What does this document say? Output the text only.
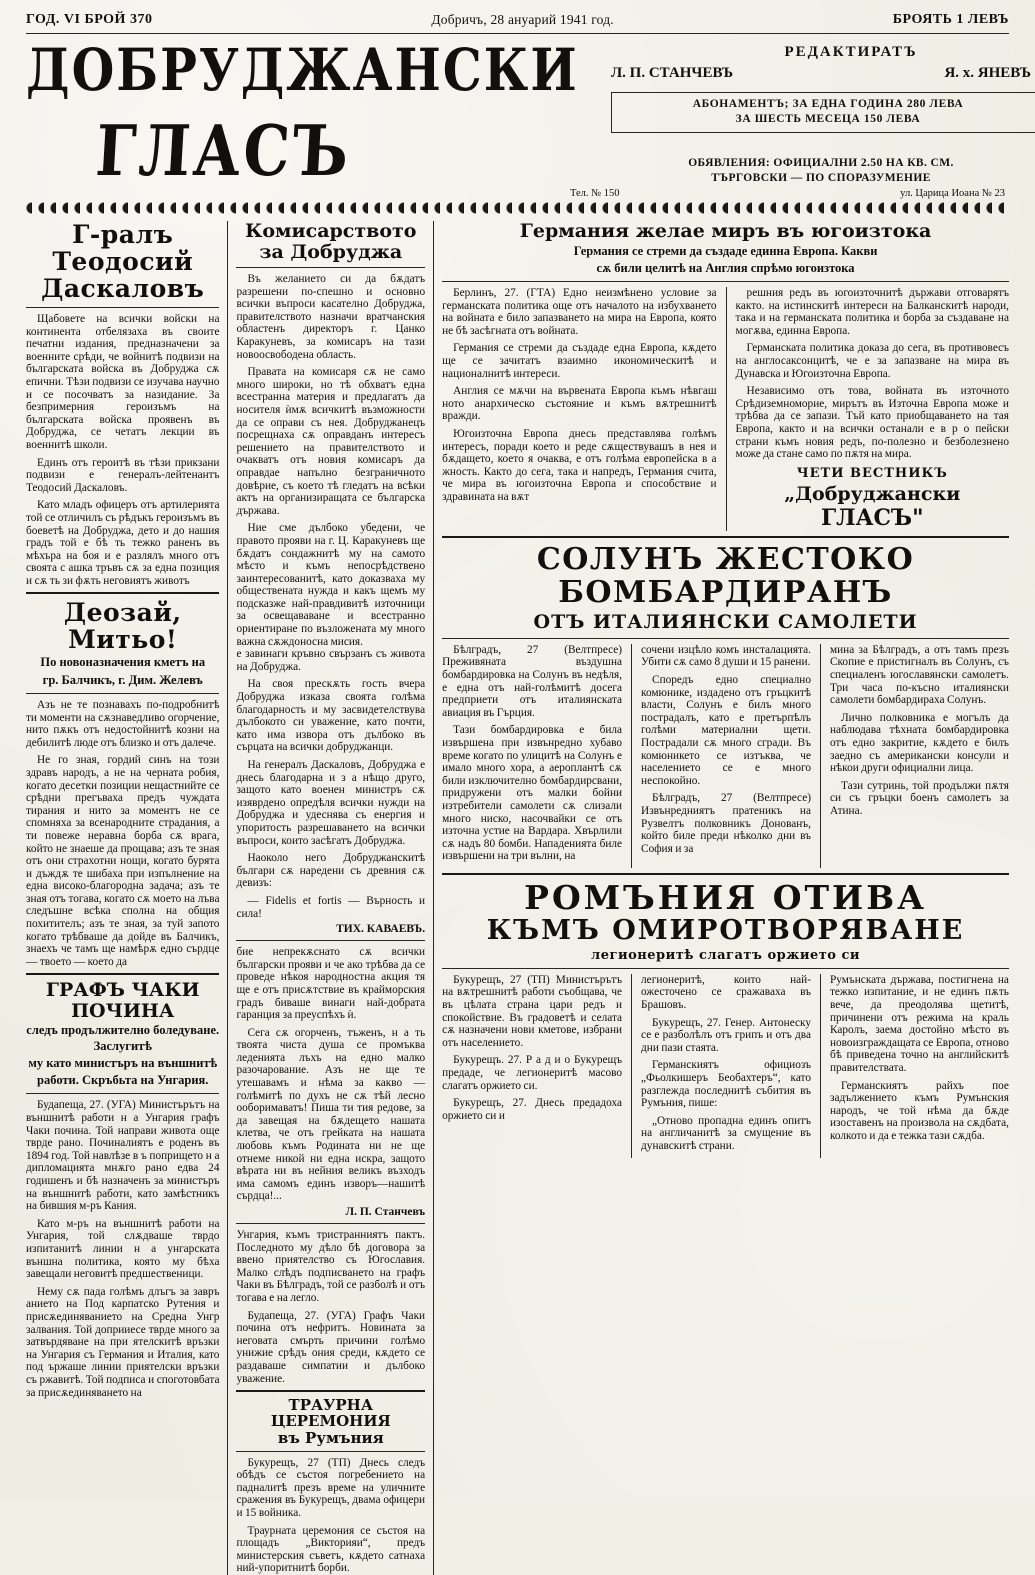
ГОД. VI БРОЙ 370	Добричъ, 28 ануарий 1941 год.	БРОЯТЬ 1 ЛЕВЪ
ДОБРУДЖАНСКИ
ГЛАСЪ
РЕДАКТИРАТЪ
Л. П. СТАНЧЕВЪ	Я. х. ЯНЕВЪ
АБОНАМЕНТЪ; ЗА ЕДНА ГОДИНА 280 ЛЕВА
ЗА ШЕСТЬ МЕСЕЦА 150 ЛЕВА
ОБЯВЛЕНИЯ: ОФИЦИАЛНИ 2.50 НА КВ. СМ.
ТЪРГОВСКИ — ПО СПОРАЗУМЕНИЕ
Тел. № 150	ул. Царица Иоана № 23
Г-ралъ Теодосий Даскаловъ

Щабовете на всички войски на континента отбелязаха въ своите печатни издания, предназначени за военните срѣди, че войнитѣ подвизи на българската войска въ Добруджа сѫ епични. Тѣзи подвизи се изучава научно и се посочватъ за назидание. За безпримерния героизъмъ на българската войска проявенъ въ Добруджа, се четатъ лекции въ военнитѣ школи.

Единъ отъ героитѣ въ тѣзи прикзани подвизи е генералъ-лейтенантъ Теодосий Даскаловъ.

Като младъ офицеръ отъ артилерията той се отличилъ съ рѣдъкъ героизъмъ въ боеветѣ на Добруджа, дето и до нашия градъ той е бѣ ть тежко раненъ въ мѣхъра на боя и е разлялъ много отъ своята с ашка тръвъ сѫ за една позиция и сѫ ть зи фѫть неговиятъ животъ

Деозай, Митьо!
По новоназначения кметъ на
гр. Балчикъ, г. Дим. Желевъ

Азъ не те познавахъ по-подробнитѣ ти моменти на сѫзнаведливо огорчение, нито пѫкъ отъ недостойнитѣ козни на дебилитѣ люде отъ близко и отъ далече.

Не го зная, гордий синъ на този здравъ народъ, а не на черната робия, когато десетки позиции нещастнийте се срѣдни прегъваха предъ чуждата тирания и нито за моментъ не се спомняха за всенародните страдания, а ти повеже неравна борба сѫ врага, който не знаеше да прощава; азъ те зная отъ они страхотни нощи, когато бурята и дъждѫ те шибаха при изпълнение на една високо-благородна задача; азъ те зная отъ тогава, когато сѫ моето на лъва следъшне всѣка сполна на общия похитителъ; азъ те зная, за туй запото когато трѣбваше да дойде въ Балчикъ, знаехъ че тамъ ще намѣрѫ едно сърдце — твоето — което да

ГРАФЪ ЧАКИ ПОЧИНА
следъ продължително боледуване. Заслугитѣ
му като министъръ на външнитѣ
работи. Скръбьта на Унгария.

Будапеща, 27. (УГА) Министърътъ на външнитѣ работи н а Унгария графъ Чаки почина. Той направи живота още тврде рано. Починалиятъ е роденъ въ 1894 год. Той навлѣзе в ъ попрището н а дипломацията мнѫго рано едва 24 годишенъ и бѣ назначенъ за министъръ на външнитѣ работи, като замѣстникъ на бившия м-ръ Кания.

Като м-ръ на външнитѣ работи на Унгария, той слѫдваше тврдо изпитанитѣ линии н а унгарската външна политика, която му бѣха завещали неговитѣ предшественици.

Нему сѫ пада голѣмъ длъгъ за завръ анието на Под карпатско Рутения и присѫединяванието на Средна Унгр залвания. Той доприиесе тврде много за затвърдяване на при ятелскитѣ връзки на Унгария съ Германия и Италия, като под ържаше линии приятелски връзки съ ржавитѣ. Той подписа и споготовбата за присѫединяването на

Комисарството
за Добруджа

Въ желанието си да бѫдатъ разрешени по-спешно и основно всички въпроси касателно Добруджа, правителството назначи вратчанския областенъ директоръ г. Цанко Каракуневъ, за комисаръ на тази новоосвободена область.

Правата на комисаря сѫ не само много широки, но тѣ обхватъ една всестранна материя и предлагатъ да носителя ѝмѫ всичкитѣ възможности да се оправи съ нея. Добруджанецъ посрещнаха сѫ оправданъ интересъ решението на правителството и очакватъ отъ новия комисаръ да оправдае напълно безграничното довѣрие, съ което тѣ гледатъ на всѣки актъ на организиращата се българска държава.

Ние сме дълбоко убедени, че правото прояви на г. Ц. Каракуневъ ще бѫдатъ сондажнитѣ му на самото мѣсто и къмъ непосрѣдствено заинтересованитѣ, като доказваха му обществената нужда и какъ щемъ му подсказже най-правдивитѣ източници за освещававане и всестранно ориентиране по възложената му много важна сѫждоносна мисия.

е завинаги кръвно свързанъ съ живота на Добруджа.

На своя прескѫть гость вчера Добруджа изказа своята голѣма благодарность и му засвидетелствува дълбокото си уважение, като почти, като има извора отъ дълбоко въ сърцата на всички добруджанци.

На генералъ Даскаловъ, Добруджа е днесь благодарна и з а нѣщо друго, защото като военен министръ сѫ изяврдено опредѣля всички нужди на Добруджа и удеснява съ енергия и упоритость разрешаването на всички въпроси, които засѣгатъ Добруджа.

Наоколо него Добруджанскитѣ българи сѫ наредени съ древния сѫ девизъ:

— Fidelis et fortis — Върность и сила!

ТИХ. КАВАЕВЪ.

бие непрекѫснато сѫ всички български прояви и че ако трѣбва да се проведе нѣкоя народностна акция тя ще е отъ присѫтствие въ крайморския градъ биваше винаги най-добрата гаранция за преуспѣхъ ѝ.

Сега сѫ огорченъ, тъженъ, н а ть твоята чиста душа се промъква леденията лъхъ на едно малко разочарование. Азъ не ще те утешавамъ и нѣма за какво — голѣмитѣ по духъ не сѫ тѣй лесно ооборимаватъ! Пиша ти тия редове, за да завещая на бѫдещето нашата клетва, че отъ грейката на нашата любовь къмъ Родината ни не ще отнеме никой ни една искра, защото вѣрата ни въ нейния великъ възходъ има самомъ единъ изворъ—нашитѣ сърдца!...

Л. П. Станчевъ

Унгария, къмъ тристранниятъ пактъ. Последното му дѣло бѣ договора за ввено приятелство съ Югославия. Малко слѣдъ подписването на графъ Чаки въ Бѣлградъ, той се разболѣ и отъ тогава е на легло.

Будапеща, 27. (УГА) Графъ Чаки почина отъ нефритъ. Новината за неговата смърть причини голѣмо унижие срѣдъ ония среди, кѫдето се раздаваше симпатии и дълбоко уважение.

ТРАУРНА ЦЕРЕМОНИЯ
въ Румъния

Букурещъ, 27 (ТП) Днесь следъ обѣдъ се състоя погребението на падналитѣ презъ време на уличните сражения въ Букурещъ, двама офицери и 15 войника.

Траурната церемония се състоя на площадъ „Викторияи“, предъ министерския съветъ, кѫдето сатнаха ний-упоритнитѣ борби.

Германия желае миръ въ югоизтока
Германия се стреми да създаде единна Европа. Какви
сѫ били целитѣ на Англия спрѣмо югоизтока

Берлинъ, 27. (ГТА) Едно неизмѣнено условие за германската политика още отъ началото на избухването на войната е било запазването на мира на Европа, която не бѣ засѣгната отъ войната.

Германия се стреми да създаде една Европа, кѫдето ще се зачитатъ взаимно икономическитѣ и националнитѣ интереси.

Англия се мѫчи на вървената Европа къмъ нѣвгаш ното анархическо състояние и къмъ вѫтрешнитѣ вражди.

Югоизточна Европа днесь представлява голѣмъ интересъ, поради което и реде сѫществувашъ в нея и бѫдащето, което я очаква, е отъ голѣма европейска в а жность. Както до сега, така и напредъ, Германия счита, че мира въ югоизточна Европа и способствие и здравината на вѫт

решния редъ въ югоизточнитѣ държави отговарятъ както. на истинскитѣ интереси на Балканскитѣ народи, така и на германската политика и борба за създаване на могѫва, единна Европа.

Германската политика доказа до сега, въ противовесъ на англосаксонцитѣ, че е за запазване на мира въ Дунавска и Югоизточна Европа.

Независимо отъ това, войната въ източното Срѣдиземноморие, мирътъ въ Източна Европа може и трѣбва да се запази. Тъй като приобщаването на тая Европа, както и на всички останали е в р о пейски страни къмъ новия редъ, по-полезно и безболезнено може да стане само по пѫтя на мира.

ЧЕТИ ВЕСТНИКЪ
„Добруджански
ГЛАСЪ"
СОЛУНЪ ЖЕСТОКО БОМБАРДИРАНЪ
ОТЪ ИТАЛИЯНСКИ САМОЛЕТИ

Бѣлградъ, 27 (Велтпресе) Преживяната въздушна бомбардировка на Солунъ въ недѣля, е една отъ най-голѣмитѣ досега предприети отъ италиянската авиация въ Гърция.

Тази бомбардировка е била извършена при извънредно хубаво време когато по улицитѣ на Солунъ е имало много хора, а аероплантѣ сѫ били изключително бомбардирсвани, придружени отъ малки бойни изтребители самолети сѫ слизали много ниско, насочвайки се отъ източна устие на Вардара. Хвърлили сѫ надъ 80 бомби. Нападенията биле извършени на три вълни, на

сочени изцѣло комъ инсталацията. Убити сѫ само 8 души и 15 ранени.

Споредъ едно специално комюнике, издадено отъ гръцкитѣ власти, Солунъ е билъ много пострадалъ, като е претърпѣлъ голѣми материални щети. Пострадали сѫ много сгради. Въ комюникето се изтъква, че населението се е много неспокойно.

Бѣлградъ, 27 (Велтпресе) Извънредниятъ пратеникъ на Рузвелтъ полковникъ Донованъ, който биле преди нѣколко дни въ София и за

мина за Бѣлградъ, а отъ тамъ презъ Скопие е пристигналъ въ Солунъ, съ специаленъ югославянски самолетъ. Три часа по-късно италиянски самолети бомбардираха Солунъ.

Лично полковника е могълъ да наблюдава тѣхната бомбардировка отъ едно закритие, кѫдето е билъ заедно съ американски консули и нѣкои други официални лица.

Тази сутринь, той продължи пѫтя си съ гръцки боенъ самолетъ за Атина.

РОМЪНИЯ ОТИВА
КЪМЪ ОМИРОТВОРЯВАНЕ
легионеритѣ слагатъ оржието си

Букурещъ, 27 (ТП) Министърътъ на вѫтрешнитѣ работи съобщава, че въ цѣлата страна цари редъ и спокойствие. Въ градоветѣ и селата сѫ назначени нови кметове, избрани отъ населението.

Букурещъ. 27. Р а д и о Букурещъ предаде, че легионеритѣ масово слагатъ оржието си.

Букурещъ, 27. Днесь предадоха оржието си и

легионеритѣ, които най-ожесточено се сражаваха въ Брашовъ.

Букурещъ, 27. Генер. Антонеску се е разболѣлъ отъ грипъ и отъ два дни пази стаята.

Германскиятъ официозъ „Фьолкишеръ Беобахтеръ“, като разглежда последнитѣ събития въ Румъния, пише:

„Отново пропадна единъ опитъ на англичанитѣ за смущение въ дунавскитѣ страни.

Румънската държава, постигнена на тежко изпитание, и не единъ пѫть вече, да преодолява щетитѣ, причинени отъ режима на краль Каролъ, заема достойно мѣсто въ новоизграждащата се Европа, отново бѣ приведена точно на английскитѣ правителствата.

Германскиятъ райхъ пое задължението къмъ Румънския народъ, че той нѣма да бѫде изоставенъ на произвола на сѫдбата, колкото и да е тежка тази сѫдба.
